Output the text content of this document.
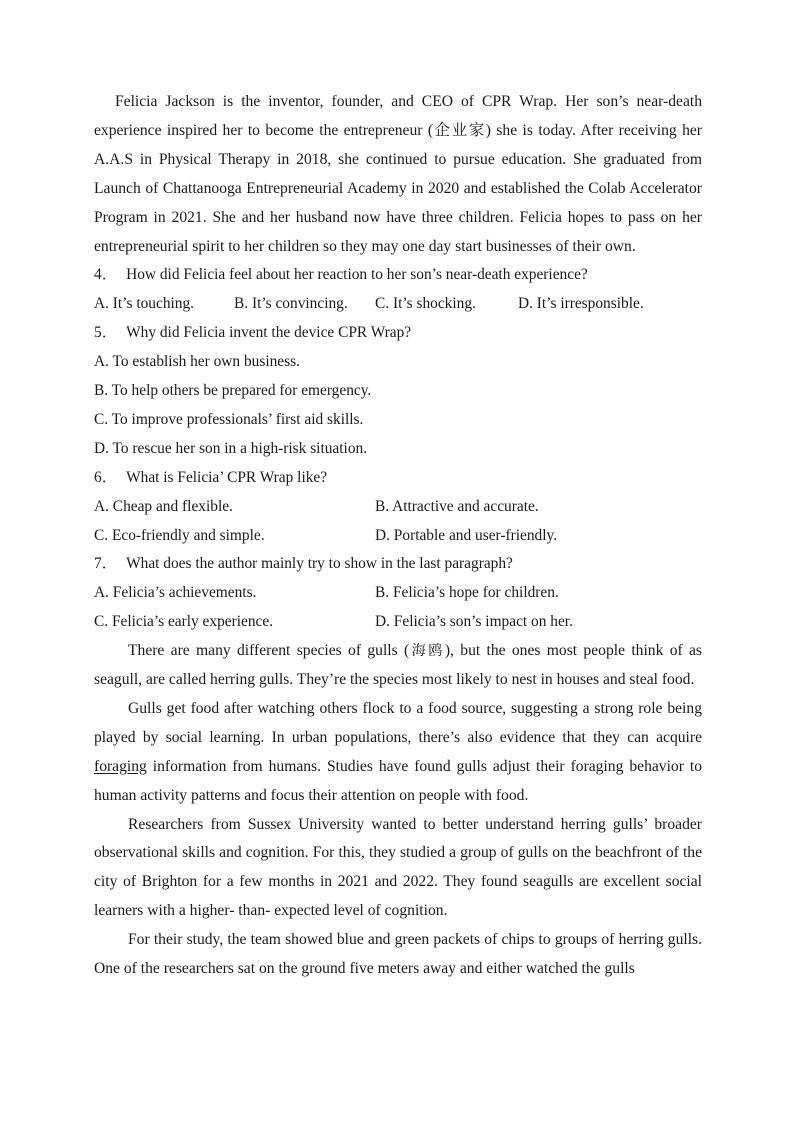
Felicia Jackson is the inventor, founder, and CEO of CPR Wrap. Her son’s near-death experience inspired her to become the entrepreneur (企业家) she is today. After receiving her A.A.S in Physical Therapy in 2018, she continued to pursue education. She graduated from Launch of Chattanooga Entrepreneurial Academy in 2020 and established the Colab Accelerator Program in 2021. She and her husband now have three children. Felicia hopes to pass on her entrepreneurial spirit to her children so they may one day start businesses of their own.

4． How did Felicia feel about her reaction to her son’s near-death experience?

A. It’s touching.	B. It’s convincing. C. It’s shocking.	D. It’s irresponsible.

5． Why did Felicia invent the device CPR Wrap?

A. To establish her own business.

B. To help others be prepared for emergency.

C. To improve professionals’ first aid skills.

D. To rescue her son in a high-risk situation.

6． What is Felicia’ CPR Wrap like?

A. Cheap and flexible.	B. Attractive and accurate.
C. Eco-friendly and simple.	D. Portable and user-friendly.

7． What does the author mainly try to show in the last paragraph?

A. Felicia’s achievements.	B. Felicia’s hope for children.
C. Felicia’s early experience.	D. Felicia’s son’s impact on her.

There are many different species of gulls (海鸥), but the ones most people think of as seagull, are called herring gulls. They’re the species most likely to nest in houses and steal food.

Gulls get food after watching others flock to a food source, suggesting a strong role being played by social learning. In urban populations, there’s also evidence that they can acquire foraging information from humans. Studies have found gulls adjust their foraging behavior to human activity patterns and focus their attention on people with food.

Researchers from Sussex University wanted to better understand herring gulls’ broader observational skills and cognition. For this, they studied a group of gulls on the beachfront of the city of Brighton for a few months in 2021 and 2022. They found seagulls are excellent social learners with a higher- than- expected level of cognition.

For their study, the team showed blue and green packets of chips to groups of herring gulls. One of the researchers sat on the ground five meters away and either watched the gulls
